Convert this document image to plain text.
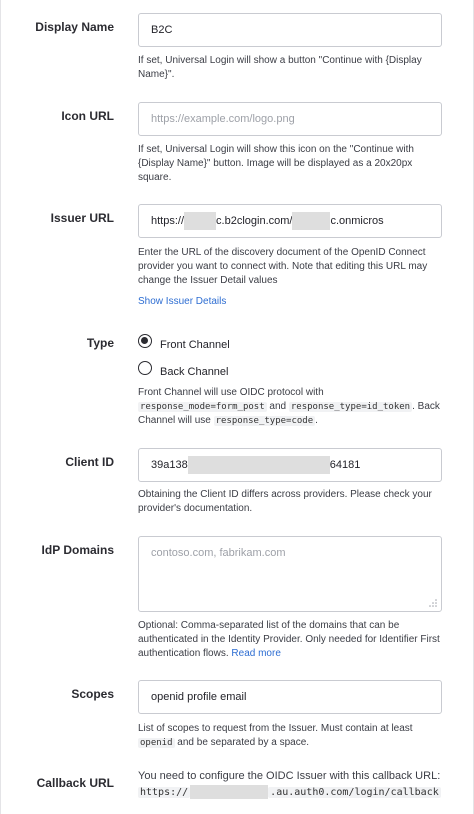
Display Name	B2C
If set, Universal Login will show a button "Continue with {Display Name}".
Icon URL	https://example.com/logo.png
If set, Universal Login will show this icon on the "Continue with {Display Name}" button. Image will be displayed as a 20x20px square.
Issuer URL	https://	c.b2clogin.com/	c.onmicros
Enter the URL of the discovery document of the OpenID Connect provider you want to connect with. Note that editing this URL may change the Issuer Detail values
Show Issuer Details
Type	Front Channel
Back Channel
Front Channel will use OIDC protocol with response_mode=form_post and response_type=id_token . Back Channel will use response_type=code .
Client ID	39a138	64181
Obtaining the Client ID differs across providers. Please check your provider's documentation.
IdP Domains	contoso.com, fabrikam.com
Optional: Comma-separated list of the domains that can be authenticated in the Identity Provider. Only needed for Identifier First authentication flows. Read more
Scopes	openid profile email
List of scopes to request from the Issuer. Must contain at least openid and be separated by a space.
Callback URL You need to configure the OIDC Issuer with this callback URL:
https://	.au.auth0.com/login/callback
